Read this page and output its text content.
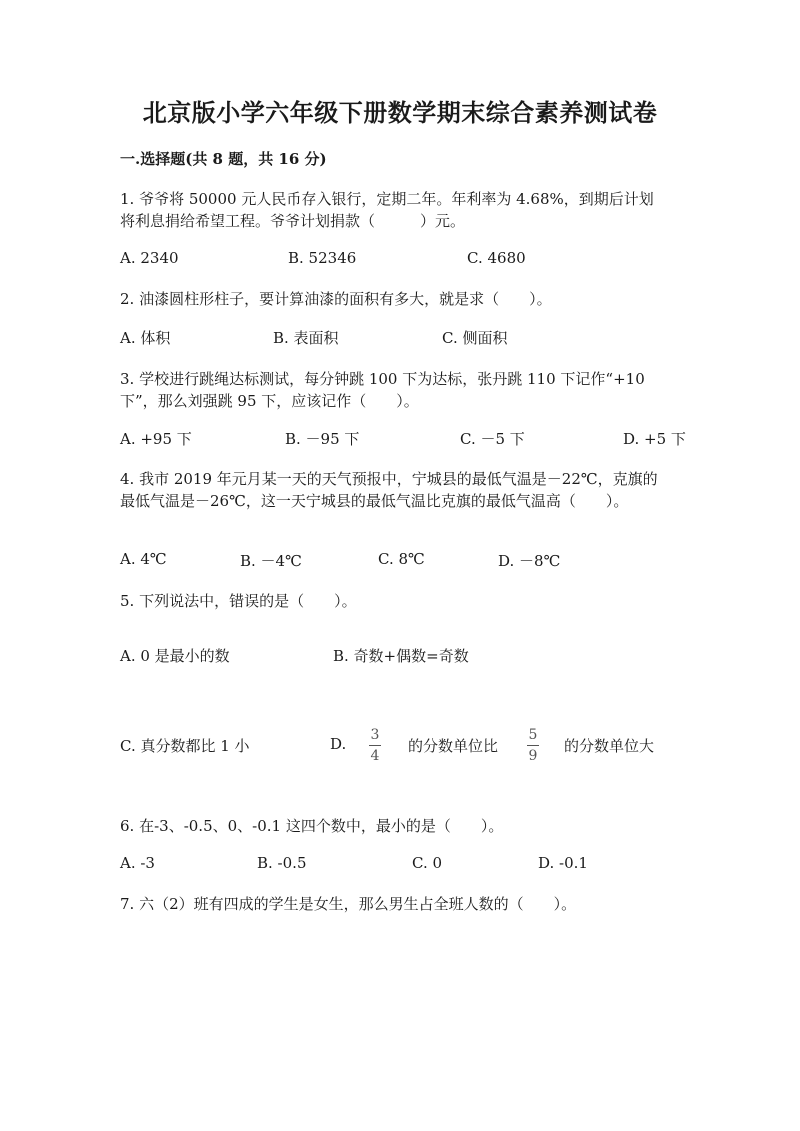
北京版小学六年级下册数学期末综合素养测试卷
一.选择题(共 8 题，共 16 分)
1. 爷爷将 50000 元人民币存入银行，定期二年。年利率为 4.68%，到期后计划
将利息捐给希望工程。爷爷计划捐款（　　　）元。
A. 2340	B. 52346	C. 4680
2. 油漆圆柱形柱子，要计算油漆的面积有多大，就是求（　　）。
A. 体积	B. 表面积	C. 侧面积
3. 学校进行跳绳达标测试，每分钟跳 100 下为达标，张丹跳 110 下记作“+10
下”，那么刘强跳 95 下，应该记作（　　）。
A. +95 下	B. －95 下	C. －5 下	D. +5 下
4. 我市 2019 年元月某一天的天气预报中，宁城县的最低气温是－22℃，克旗的
最低气温是－26℃，这一天宁城县的最低气温比克旗的最低气温高（　　）。
A. 4℃	B. －4℃	C. 8℃	D. －8℃
5. 下列说法中，错误的是（　　）。
A. 0 是最小的数	B. 奇数+偶数=奇数
C. 真分数都比 1 小	D. 3
4
的分数单位比
5
9
的分数单位大
6. 在-3、-0.5、0、-0.1 这四个数中，最小的是（　　）。
A. -3	B. -0.5	C. 0	D. -0.1
7. 六（2）班有四成的学生是女生，那么男生占全班人数的（　　）。
